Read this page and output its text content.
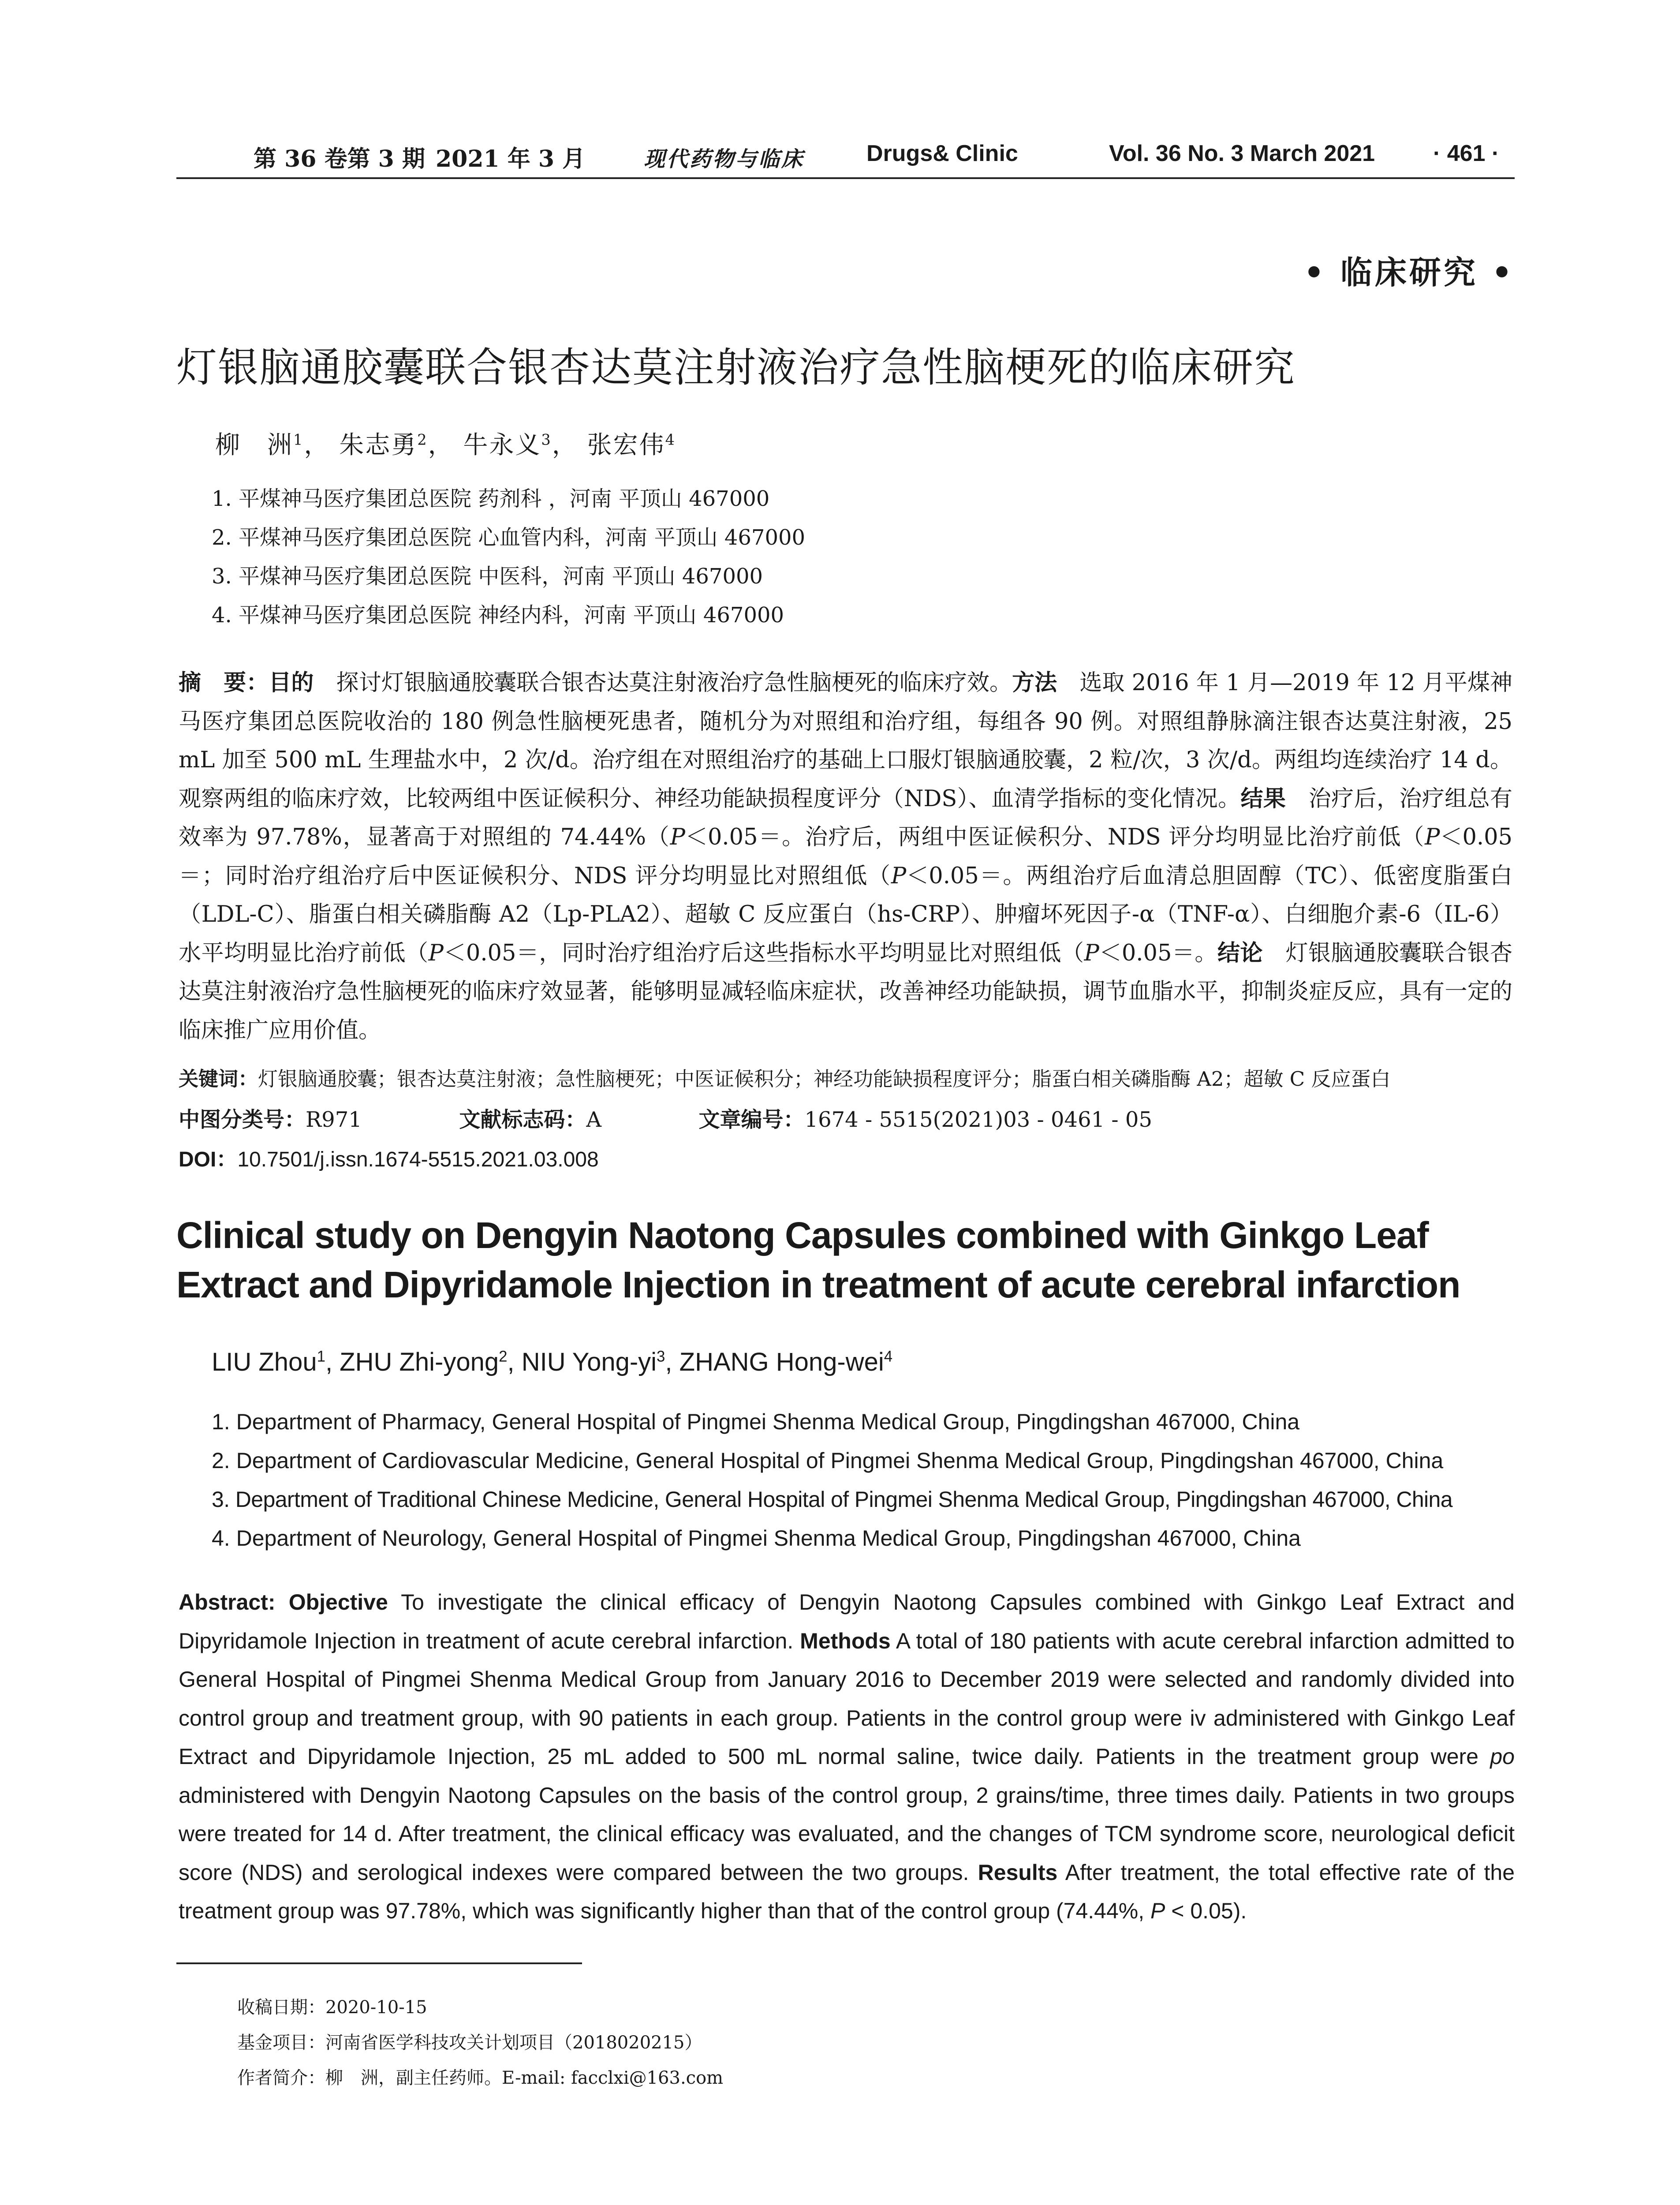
第 36 卷第 3 期 2021 年 3 月	现代药物与临床	Drugs& Clinic	Vol. 36 No. 3 March 2021	· 461 ·
• 临床研究 •
灯银脑通胶囊联合银杏达莫注射液治疗急性脑梗死的临床研究
柳　洲$^1$， 朱志勇$^2$， 牛永义$^3$， 张宏伟$^4$
1. 平煤神马医疗集团总医院 药剂科 ，河南 平顶山 467000
2. 平煤神马医疗集团总医院 心血管内科，河南 平顶山 467000
3. 平煤神马医疗集团总医院 中医科，河南 平顶山 467000
4. 平煤神马医疗集团总医院 神经内科，河南 平顶山 467000
摘　要：目的　探讨灯银脑通胶囊联合银杏达莫注射液治疗急性脑梗死的临床疗效。方法　选取 2016 年 1 月—2019 年 12 月平煤神马医疗集团总医院收治的 180 例急性脑梗死患者，随机分为对照组和治疗组，每组各 90 例。对照组静脉滴注银杏达莫注射液，25 mL 加至 500 mL 生理盐水中，2 次/d。治疗组在对照组治疗的基础上口服灯银脑通胶囊，2 粒/次，3 次/d。两组均连续治疗 14 d。观察两组的临床疗效，比较两组中医证候积分、神经功能缺损程度评分（NDS）、血清学指标的变化情况。结果　治疗后，治疗组总有效率为 97.78%，显著高于对照组的 74.44%（P＜0.05＝。治疗后，两组中医证候积分、NDS 评分均明显比治疗前低（P＜0.05＝；同时治疗组治疗后中医证候积分、NDS 评分均明显比对照组低（P＜0.05＝。两组治疗后血清总胆固醇（TC）、低密度脂蛋白（LDL-C）、脂蛋白相关磷脂酶 A2（Lp-PLA2）、超敏 C 反应蛋白（hs-CRP）、肿瘤坏死因子-α（TNF-α）、白细胞介素-6（IL-6）水平均明显比治疗前低（P＜0.05＝，同时治疗组治疗后这些指标水平均明显比对照组低（P＜0.05＝。结论　灯银脑通胶囊联合银杏达莫注射液治疗急性脑梗死的临床疗效显著，能够明显减轻临床症状，改善神经功能缺损，调节血脂水平，抑制炎症反应，具有一定的临床推广应用价值。
关键词：灯银脑通胶囊；银杏达莫注射液；急性脑梗死；中医证候积分；神经功能缺损程度评分；脂蛋白相关磷脂酶 A2；超敏 C 反应蛋白
中图分类号：R971	文献标志码：A	文章编号：1674 - 5515(2021)03 - 0461 - 05
DOI：10.7501/j.issn.1674-5515.2021.03.008
Clinical study on Dengyin Naotong Capsules combined with Ginkgo Leaf Extract and Dipyridamole Injection in treatment of acute cerebral infarction
LIU Zhou$^1$, ZHU Zhi-yong$^2$, NIU Yong-$yi^3$, ZHANG Hong-wei$^4$
1. Department of Pharmacy, General Hospital of Pingmei Shenma Medical Group, Pingdingshan 467000, China
2. Department of Cardiovascular Medicine, General Hospital of Pingmei Shenma Medical Group, Pingdingshan 467000, China
3. Department of Traditional Chinese Medicine, General Hospital of Pingmei Shenma Medical Group, Pingdingshan 467000, China
4. Department of Neurology, General Hospital of Pingmei Shenma Medical Group, Pingdingshan 467000, China
Abstract: Objective To investigate the clinical efficacy of Dengyin Naotong Capsules combined with Ginkgo Leaf Extract and Dipyridamole Injection in treatment of acute cerebral infarction. Methods A total of 180 patients with acute cerebral infarction admitted to General Hospital of Pingmei Shenma Medical Group from January 2016 to December 2019 were selected and randomly divided into control group and treatment group, with 90 patients in each group. Patients in the control group were iv administered with Ginkgo Leaf Extract and Dipyridamole Injection, 25 mL added to 500 mL normal saline, twice daily. Patients in the treatment group were po administered with Dengyin Naotong Capsules on the basis of the control group, 2 grains/time, three times daily. Patients in two groups were treated for 14 d. After treatment, the clinical efficacy was evaluated, and the changes of TCM syndrome score, neurological deficit score (NDS) and serological indexes were compared between the two groups. Results After treatment, the total effective rate of the treatment group was 97.78%, which was significantly higher than that of the control group (74.44%, P < 0.05).
收稿日期：2020-10-15
基金项目：河南省医学科技攻关计划项目（2018020215）
作者简介：柳　洲，副主任药师。E-mail: facclxi@163.com
